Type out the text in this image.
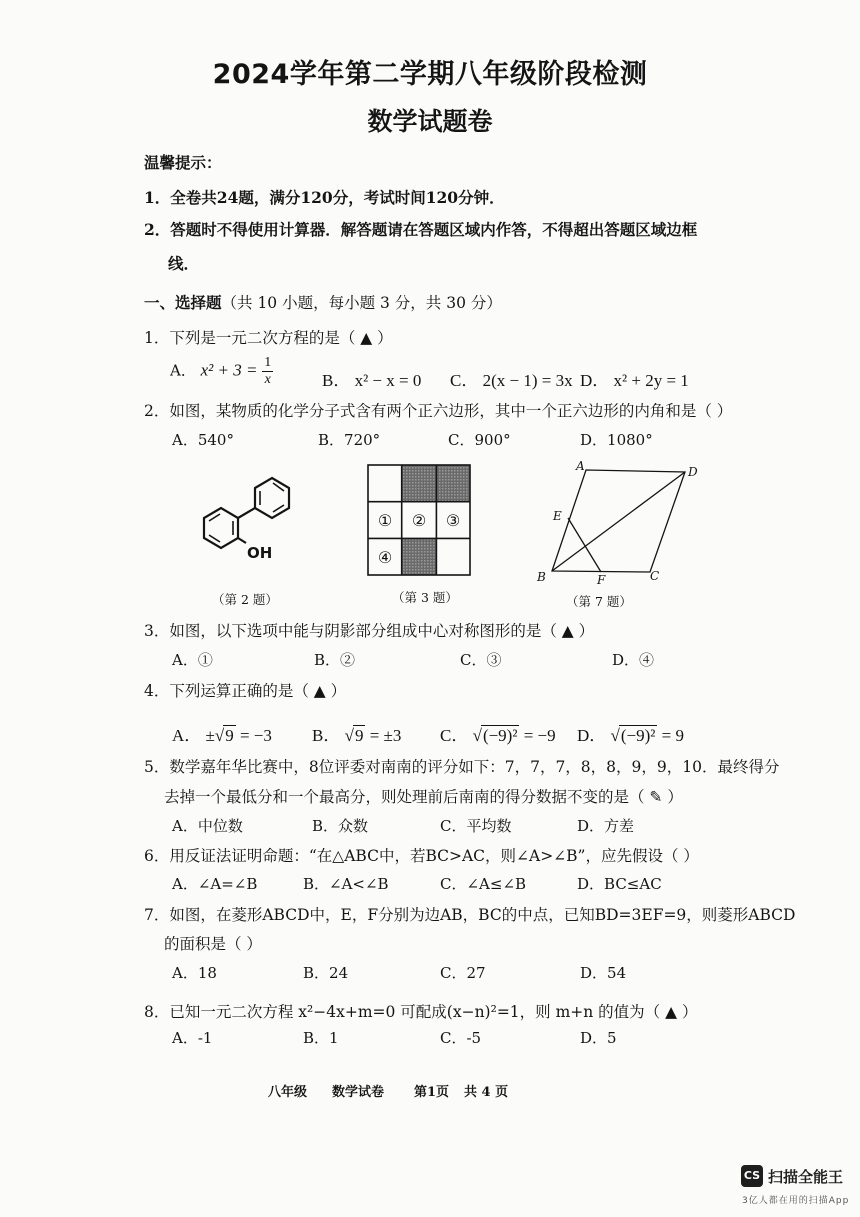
2024学年第二学期八年级阶段检测
数学试题卷
温馨提示：
1．全卷共24题，满分120分，考试时间120分钟．
2．答题时不得使用计算器．解答题请在答题区域内作答，不得超出答题区域边框
线．
一、选择题（共 10 小题，每小题 3 分，共 30 分）
1．下列是一元二次方程的是（ ▲ ）
A． $x^2 + 3 = \frac{1}{x}$	B． x² − x = 0 C． 2(x − 1) = 3x D． x² + 2y = 1
2．如图，某物质的化学分子式含有两个正六边形，其中一个正六边形的内角和是（ ）
A．540°	B．720°	C．900°	D．1080°
OH
（第 2 题）
① ② ③
④
（第 3 题）
A	D
E
B	F	C
（第 7 题）
3．如图，以下选项中能与阴影部分组成中心对称图形的是（ ▲ ）
A．①	B．②	C．③	D．④
4．下列运算正确的是（ ▲ ）
A． ±√9 = −3 B． √9 = ±3 C． √(−9)² = −9 D． √(−9)² = 9
5．数学嘉年华比赛中，8位评委对南南的评分如下：7，7，7，8，8，9，9，10．最终得分
去掉一个最低分和一个最高分，则处理前后南南的得分数据不变的是（ ✎ ）
A．中位数	B．众数	C．平均数	D．方差
6．用反证法证明命题：“在△ABC中，若BC>AC，则∠A>∠B”，应先假设（ ）
A．∠A=∠B	B．∠A<∠B	C．∠A≤∠B	D．BC≤AC
7．如图，在菱形ABCD中，E，F分别为边AB，BC的中点，已知BD=3EF=9，则菱形ABCD
的面积是（ ）
A．18	B．24	C．27	D．54
8．已知一元二次方程 x²−4x+m=0 可配成(x−n)²=1，则 m+n 的值为（ ▲ ）
A．-1	B．1	C．-5	D．5
八年级 数学试卷 第1页 共 4 页
CS 扫描全能王
3亿人都在用的扫描App
